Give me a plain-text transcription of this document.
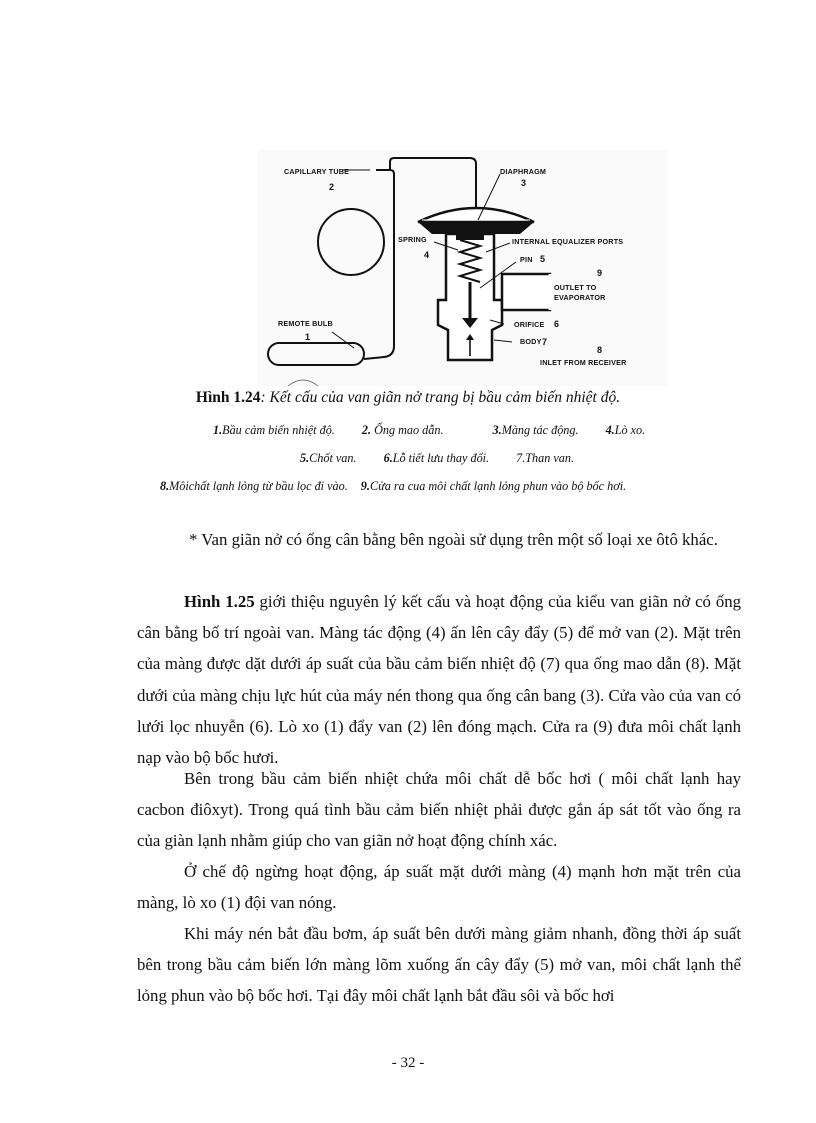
CAPILLARY TUBE
2
DIAPHRAGM
3
SPRING
4
INTERNAL EQUALIZER PORTS
PIN 5
9
OUTLET TO
EVAPORATOR
ORIFICE 6
BODY 7
8
INLET FROM RECEIVER
REMOTE BULB
1
Hình 1.24: Kết cấu của van giãn nở trang bị bầu cảm biến nhiệt độ.
1.Bầu cảm biến nhiệt độ. 2. Ống mao dẫn.	3.Màng tác động. 4.Lò xo.
5.Chốt van. 6.Lỗ tiết lưu thay đổi. 7.Than van.
8.Môichất lạnh lỏng từ bầu lọc đi vào. 9.Cửa ra cua môi chất lạnh lỏng phun vào bộ bốc hơi.

* Van giãn nở có ống cân bằng bên ngoài sử dụng trên một số loại xe ôtô khác.

Hình 1.25 giới thiệu nguyên lý kết cấu và hoạt động của kiểu van giãn nở có ống cân bằng bố trí ngoài van. Màng tác động (4) ấn lên cây đẩy (5) để mở van (2). Mặt trên của màng được dặt dưới áp suất của bầu cảm biến nhiệt độ (7) qua ống mao dẫn (8). Mặt dưới của màng chịu lực hút của máy nén thong qua ống cân bang (3). Cửa vào của van có lưới lọc nhuyễn (6). Lò xo (1) đẩy van (2) lên đóng mạch. Cửa ra (9) đưa môi chất lạnh nạp vào bộ bốc hươi.

Bên trong bầu cảm biến nhiệt chứa môi chất dễ bốc hơi ( môi chất lạnh hay cacbon điôxyt). Trong quá tình bầu cảm biến nhiệt phải được gắn áp sát tốt vào ống ra của giàn lạnh nhằm giúp cho van giãn nở hoạt động chính xác.

Ở chế độ ngừng hoạt động, áp suất mặt dưới màng (4) mạnh hơn mặt trên của màng, lò xo (1) đội van nóng.

Khi máy nén bắt đầu bơm, áp suất bên dưới màng giảm nhanh, đồng thời áp suất bên trong bầu cảm biến lớn màng lõm xuống ấn cây đẩy (5) mở van, môi chất lạnh thể lỏng phun vào bộ bốc hơi. Tại đây môi chất lạnh bắt đầu sôi và bốc hơi

- 32 -
